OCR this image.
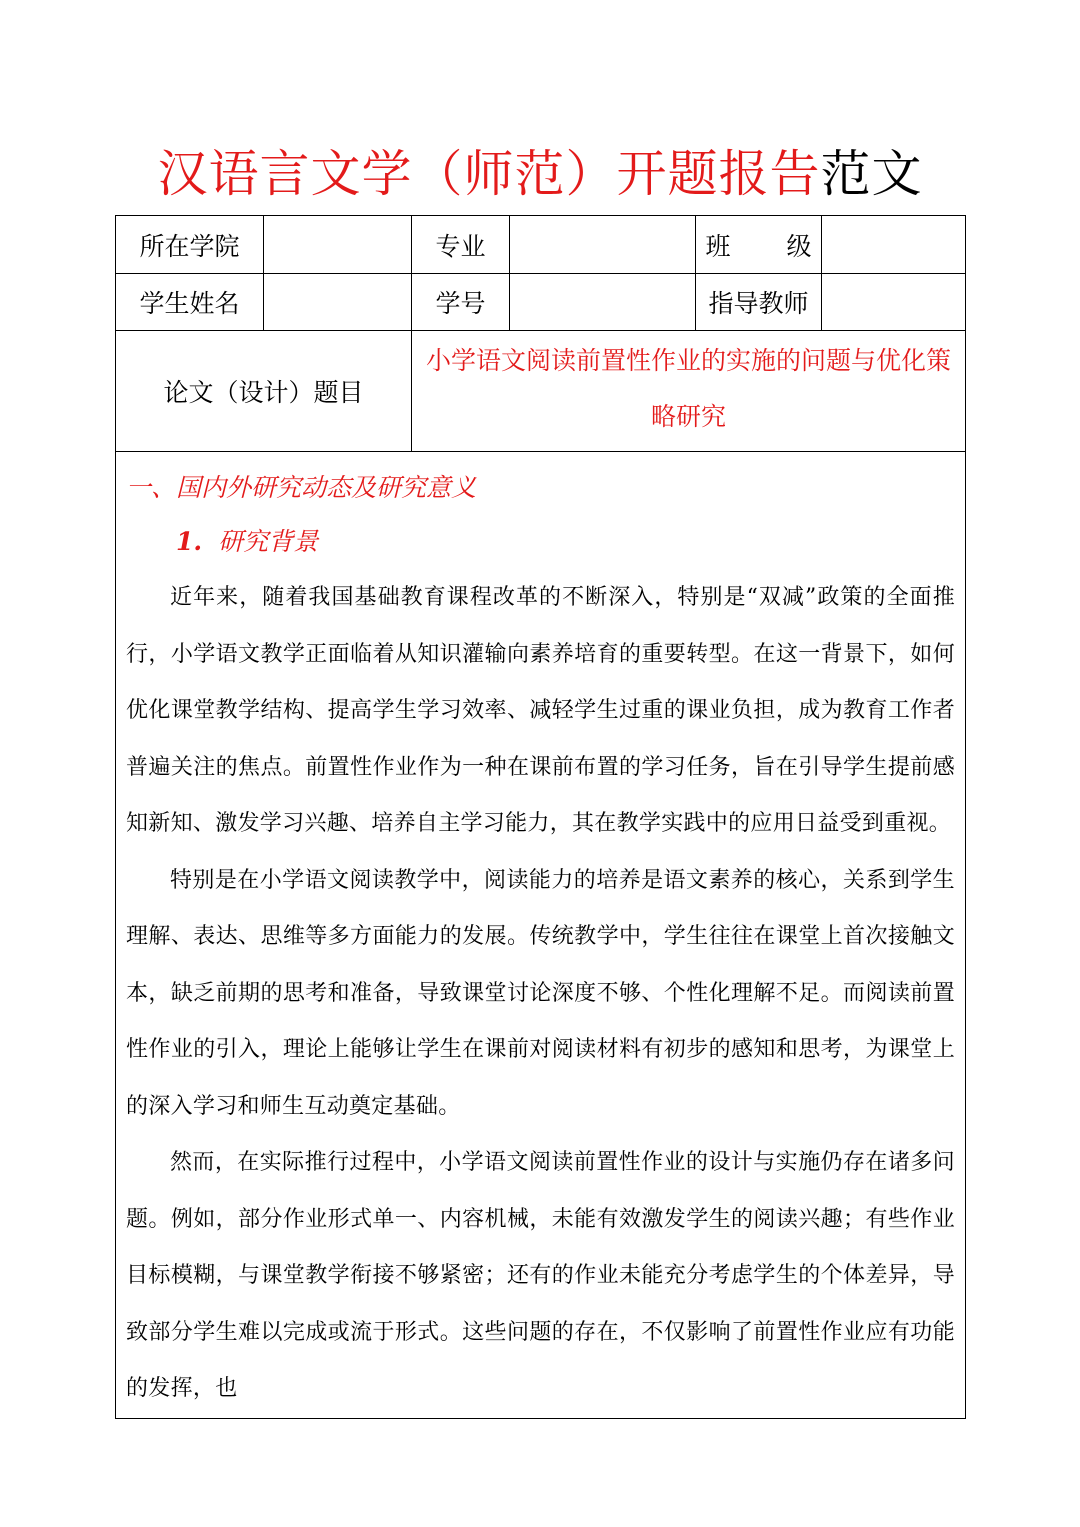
汉语言文学（师范）开题报告范文
所在学院		专业		班 级	
学生姓名		学号		指导教师	
论文（设计）题目		小学语文阅读前置性作业的实施的问题与优化策略研究			

一、国内外研究动态及研究意义
1. 研究背景

近年来，随着我国基础教育课程改革的不断深入，特别是“双减”政策的全面推行，小学语文教学正面临着从知识灌输向素养培育的重要转型。在这一背景下，如何优化课堂教学结构、提高学生学习效率、减轻学生过重的课业负担，成为教育工作者普遍关注的焦点。前置性作业作为一种在课前布置的学习任务，旨在引导学生提前感知新知、激发学习兴趣、培养自主学习能力，其在教学实践中的应用日益受到重视。

特别是在小学语文阅读教学中，阅读能力的培养是语文素养的核心，关系到学生理解、表达、思维等多方面能力的发展。传统教学中，学生往往在课堂上首次接触文本，缺乏前期的思考和准备，导致课堂讨论深度不够、个性化理解不足。而阅读前置性作业的引入，理论上能够让学生在课前对阅读材料有初步的感知和思考，为课堂上的深入学习和师生互动奠定基础。

然而，在实际推行过程中，小学语文阅读前置性作业的设计与实施仍存在诸多问题。例如，部分作业形式单一、内容机械，未能有效激发学生的阅读兴趣；有些作业目标模糊，与课堂教学衔接不够紧密；还有的作业未能充分考虑学生的个体差异，导致部分学生难以完成或流于形式。这些问题的存在，不仅影响了前置性作业应有功能的发挥，也					
